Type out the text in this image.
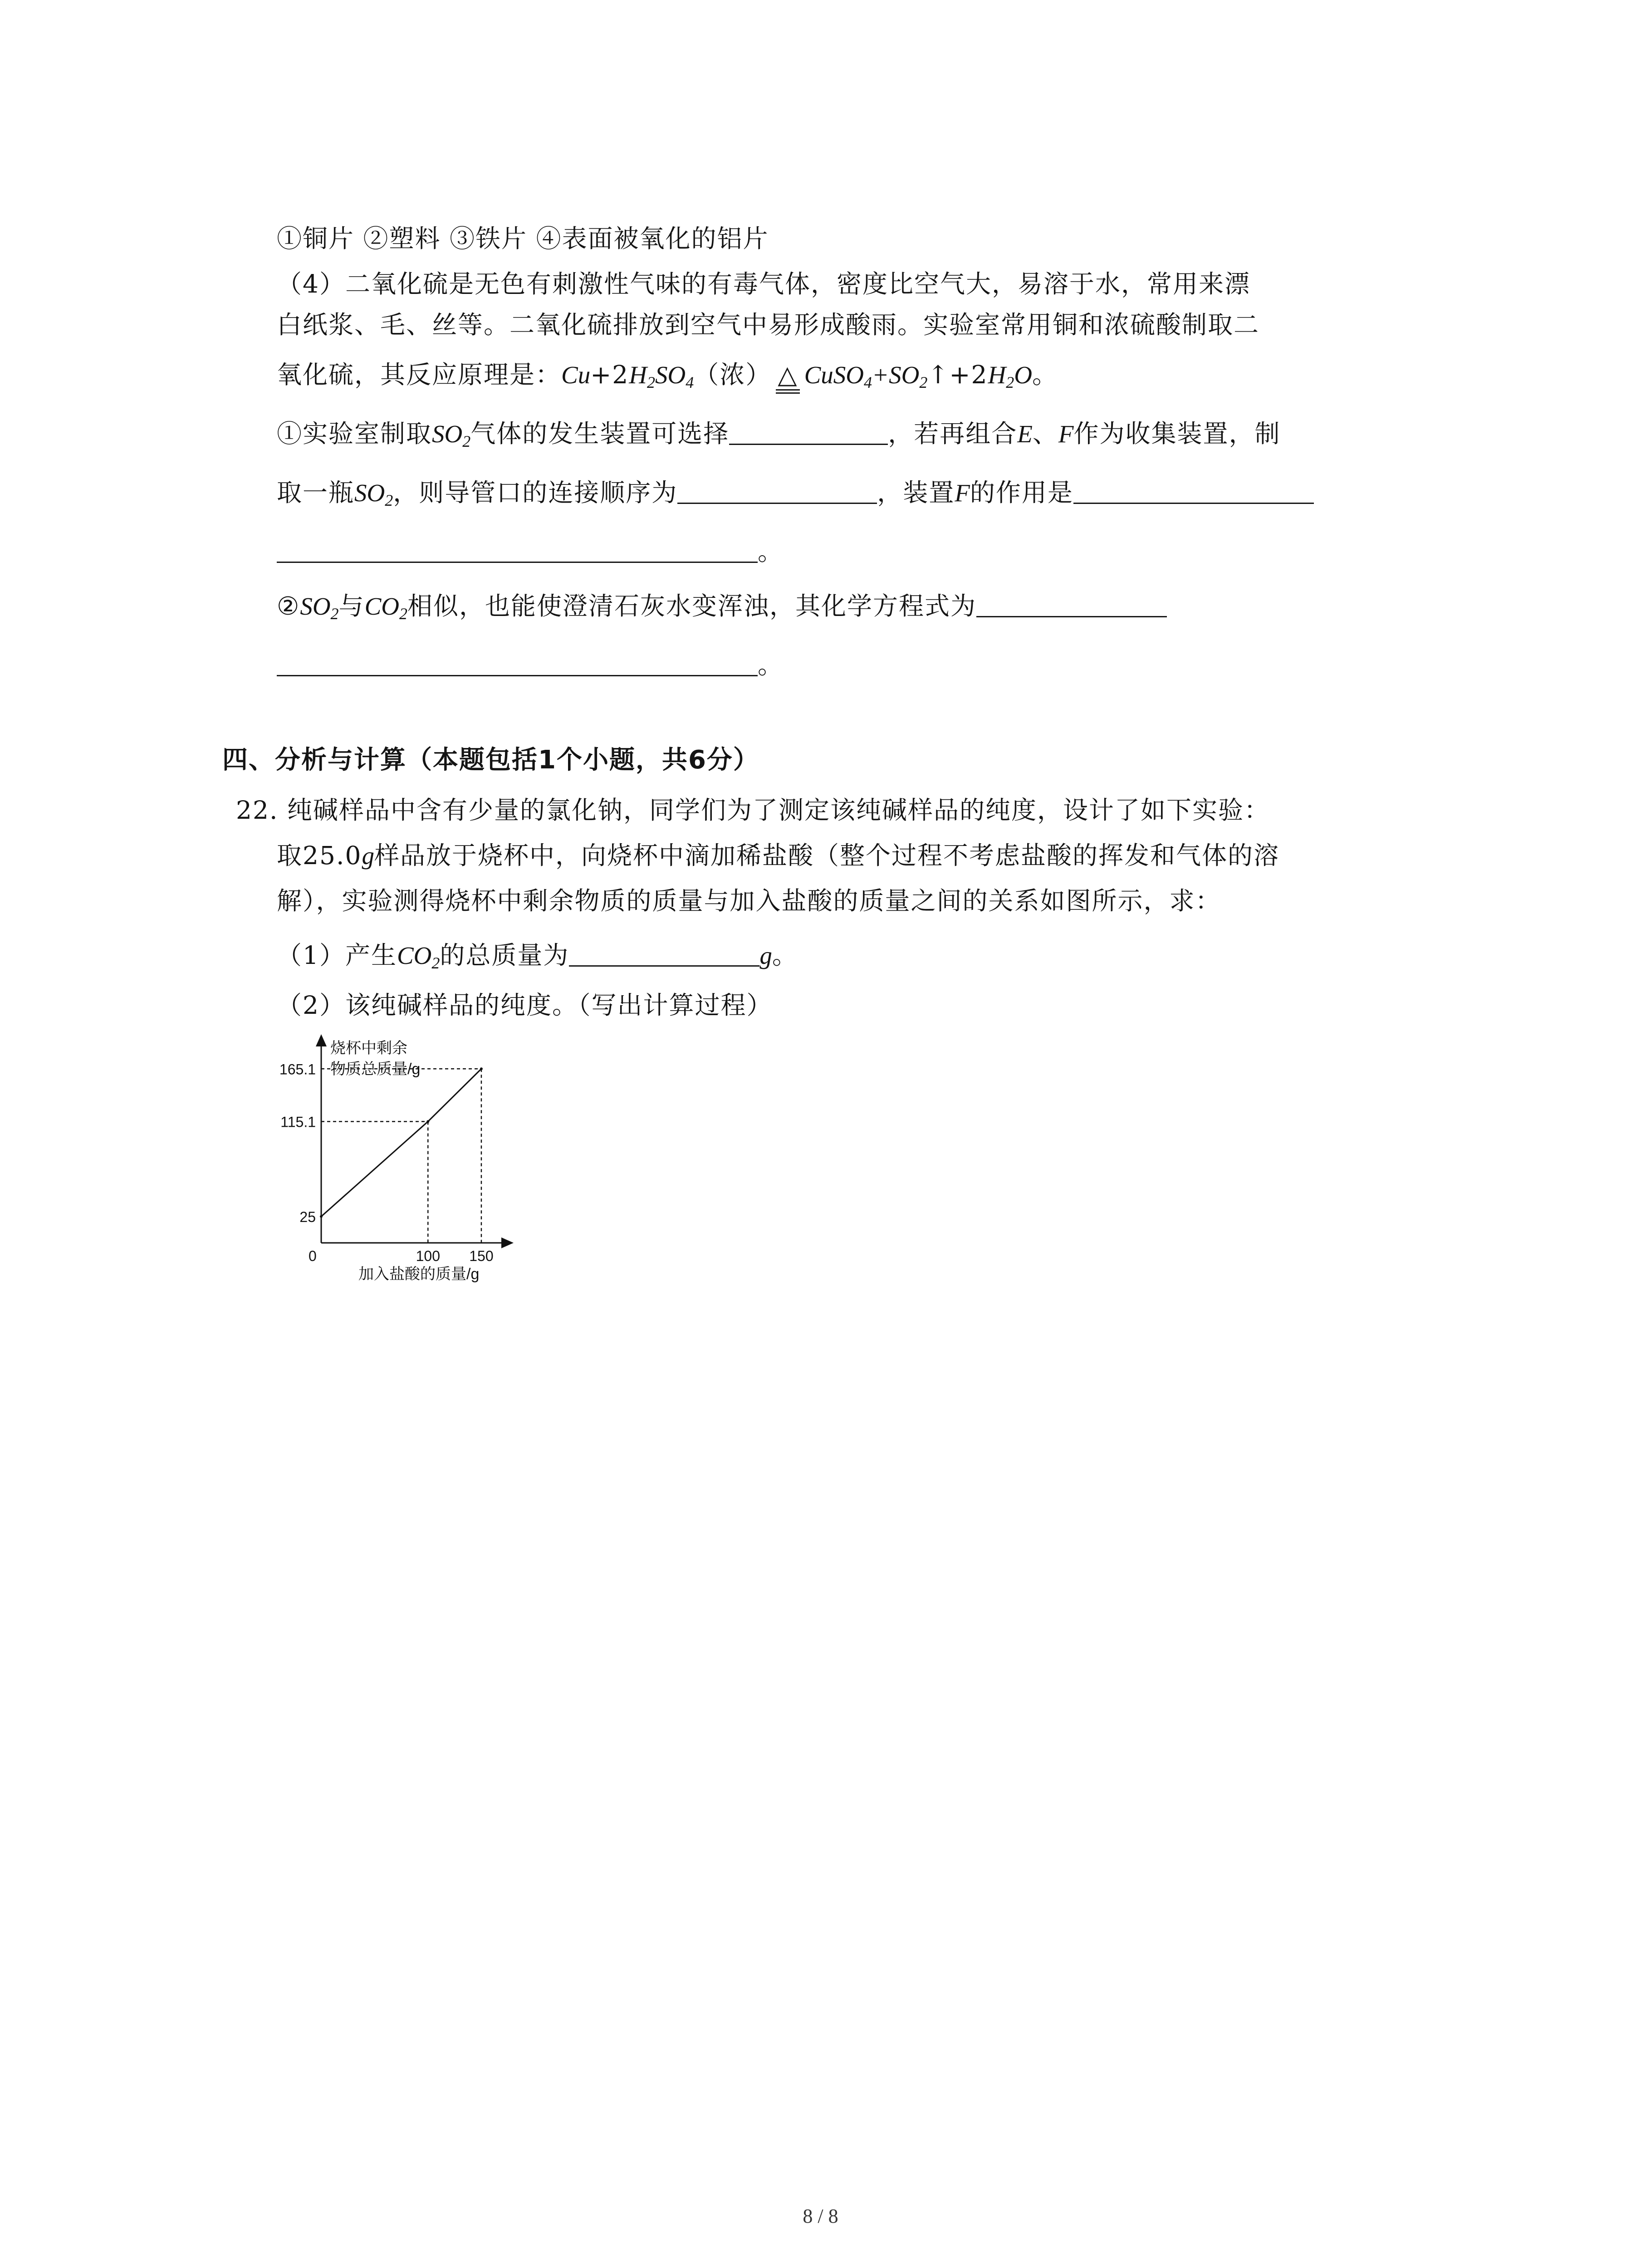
①铜片 ②塑料 ③铁片 ④表面被氧化的铝片
（4）二氧化硫是无色有刺激性气味的有毒气体，密度比空气大，易溶于水，常用来漂
白纸浆、毛、丝等。二氧化硫排放到空气中易形成酸雨。实验室常用铜和浓硫酸制取二
氧化硫，其反应原理是：$Cu+2H_2SO_4$（浓） △ $CuSO_4+SO_2↑+2H_2O$。
①实验室制取$SO_2$气体的发生装置可选择	，若再组合E、F作为收集装置，制
取一瓶$SO_2$，则导管口的连接顺序为	，装置F的作用是
。
$②SO_2$与$CO_2$相似，也能使澄清石灰水变浑浊，其化学方程式为
。
四、分析与计算（本题包括1个小题，共6分）
22. 纯碱样品中含有少量的氯化钠，同学们为了测定该纯碱样品的纯度，设计了如下实验：
取25.0g样品放于烧杯中，向烧杯中滴加稀盐酸（整个过程不考虑盐酸的挥发和气体的溶
解），实验测得烧杯中剩余物质的质量与加入盐酸的质量之间的关系如图所示，求：
（1）产生$CO_2$的总质量为	g。
（2）该纯碱样品的纯度。（写出计算过程）
烧杯中剩余
物质总质量/g
加入盐酸的质量/g
0
25
115.1
165.1
100 150
8 / 8
